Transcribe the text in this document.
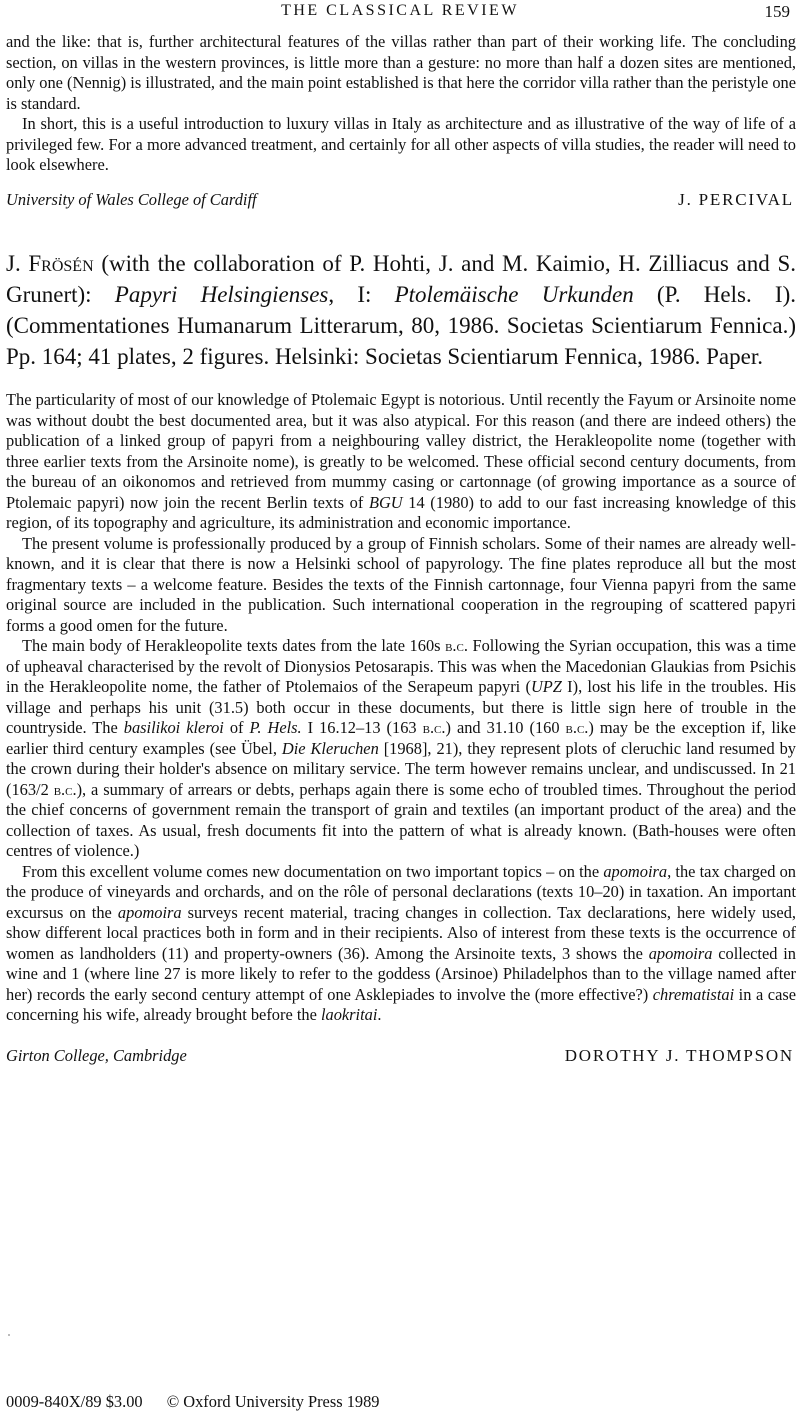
THE CLASSICAL REVIEW	159

and the like: that is, further architectural features of the villas rather than part of their working life. The concluding section, on villas in the western provinces, is little more than a gesture: no more than half a dozen sites are mentioned, only one (Nennig) is illustrated, and the main point established is that here the corridor villa rather than the peristyle one is standard.

In short, this is a useful introduction to luxury villas in Italy as architecture and as illustrative of the way of life of a privileged few. For a more advanced treatment, and certainly for all other aspects of villa studies, the reader will need to look elsewhere.

University of Wales College of Cardiff	J. PERCIVAL
J. Frösén (with the collaboration of P. Hohti, J. and M. Kaimio, H. Zilliacus and S. Grunert): Papyri Helsingienses, I: Ptolemäische Urkunden (P. Hels. I). (Commentationes Humanarum Litterarum, 80, 1986. Societas Scientiarum Fennica.) Pp. 164; 41 plates, 2 figures. Helsinki: Societas Scientiarum Fennica, 1986. Paper.

The particularity of most of our knowledge of Ptolemaic Egypt is notorious. Until recently the Fayum or Arsinoite nome was without doubt the best documented area, but it was also atypical. For this reason (and there are indeed others) the publication of a linked group of papyri from a neighbouring valley district, the Herakleopolite nome (together with three earlier texts from the Arsinoite nome), is greatly to be welcomed. These official second century documents, from the bureau of an oikonomos and retrieved from mummy casing or cartonnage (of growing importance as a source of Ptolemaic papyri) now join the recent Berlin texts of BGU 14 (1980) to add to our fast increasing knowledge of this region, of its topography and agriculture, its administration and economic importance.

The present volume is professionally produced by a group of Finnish scholars. Some of their names are already well-known, and it is clear that there is now a Helsinki school of papyrology. The fine plates reproduce all but the most fragmentary texts – a welcome feature. Besides the texts of the Finnish cartonnage, four Vienna papyri from the same original source are included in the publication. Such international cooperation in the regrouping of scattered papyri forms a good omen for the future.

The main body of Herakleopolite texts dates from the late 160s b.c. Following the Syrian occupation, this was a time of upheaval characterised by the revolt of Dionysios Petosarapis. This was when the Macedonian Glaukias from Psichis in the Herakleopolite nome, the father of Ptolemaios of the Serapeum papyri (UPZ I), lost his life in the troubles. His village and perhaps his unit (31.5) both occur in these documents, but there is little sign here of trouble in the countryside. The basilikoi kleroi of P. Hels. I 16.12–13 (163 b.c.) and 31.10 (160 b.c.) may be the exception if, like earlier third century examples (see Übel, Die Kleruchen [1968], 21), they represent plots of cleruchic land resumed by the crown during their holder's absence on military service. The term however remains unclear, and undiscussed. In 21 (163/2 b.c.), a summary of arrears or debts, perhaps again there is some echo of troubled times. Throughout the period the chief concerns of government remain the transport of grain and textiles (an important product of the area) and the collection of taxes. As usual, fresh documents fit into the pattern of what is already known. (Bath-houses were often centres of violence.)

From this excellent volume comes new documentation on two important topics – on the apomoira, the tax charged on the produce of vineyards and orchards, and on the rôle of personal declarations (texts 10–20) in taxation. An important excursus on the apomoira surveys recent material, tracing changes in collection. Tax declarations, here widely used, show different local practices both in form and in their recipients. Also of interest from these texts is the occurrence of women as landholders (11) and property-owners (36). Among the Arsinoite texts, 3 shows the apomoira collected in wine and 1 (where line 27 is more likely to refer to the goddess (Arsinoe) Philadelphos than to the village named after her) records the early second century attempt of one Asklepiades to involve the (more effective?) chrematistai in a case concerning his wife, already brought before the laokritai.

Girton College, Cambridge	DOROTHY J. THOMPSON
0009-840X/89 $3.00 © Oxford University Press 1989
